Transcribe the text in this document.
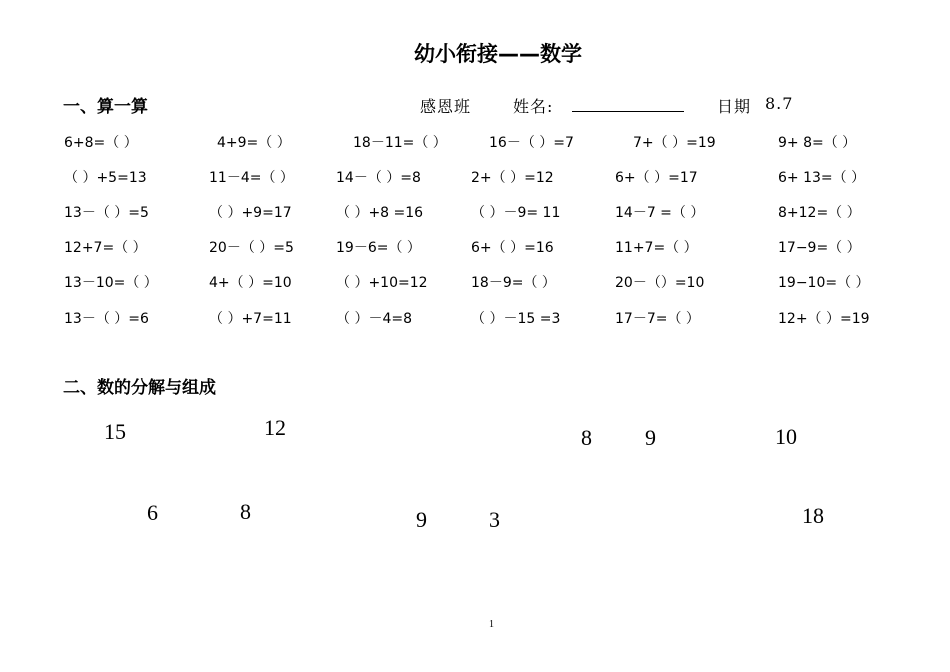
幼小衔接——数学
一、算一算	感恩班	姓名:	日期 8.7
6+8=（ ）	4+9=（ ）	18－11=（ ）	16－（ ）=7	7+（ ）=19	9+ 8=（ ）
（ ）+5=13	11－4=（ ）	14－（ ）=8	2+（ ）=12	6+（ ）=17	6+ 13=（ ）
13－（ ）=5	（ ）+9=17	（ ）+8 =16	（ ）－9= 11	14－7 =（ ）	8+12=（ ）
12+7=（ ）	20－（ ）=5	19－6=（ ）	6+（ ）=16	11+7=（ ）	17−9=（ ）
13－10=（ ）	4+（ ）=10	（ ）+10=12	18－9=（ ）	20－（）=10	19−10=（ ）
13－（ ）=6	（ ）+7=11	（ ）－4=8	（ ）－15 =3	17－7=（ ）	12+（ ）=19
二、数的分解与组成
15	12	8 9	10
6	8	9	3	18
1
